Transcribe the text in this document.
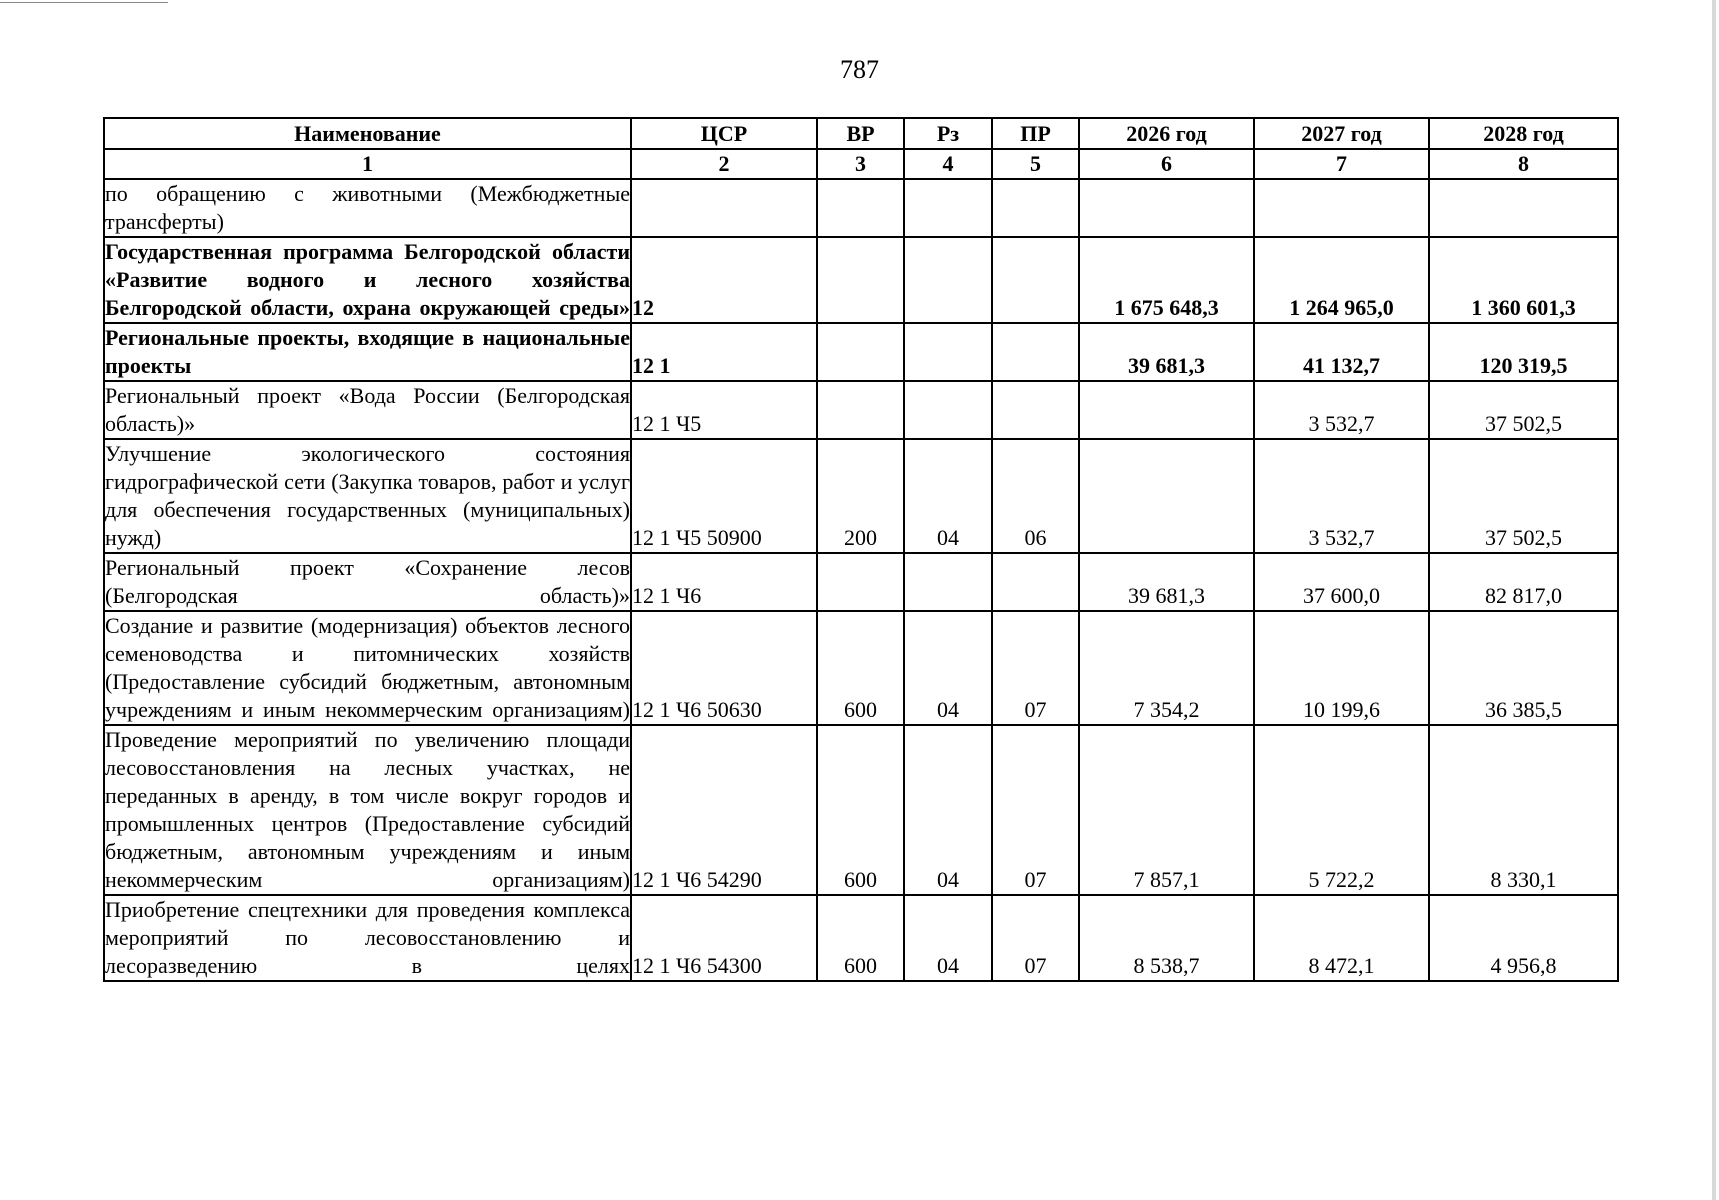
787
Наименование	ЦСР	ВР	Рз	ПР	2026 год	2027 год	2028 год
1	2	3	4	5	6	7	8
по обращению с животными (Межбюджетные трансферты)							
Государственная программа Белгородской области «Развитие водного и лесного хозяйства Белгородской области, охрана окружающей среды»	12				1 675 648,3	1 264 965,0	1 360 601,3
Региональные проекты, входящие в национальные проекты	12 1				39 681,3	41 132,7	120 319,5
Региональный проект «Вода России (Белгородская область)»	12 1 Ч5					3 532,7	37 502,5
Улучшение экологического состояния гидрографической сети (Закупка товаров, работ и услуг для обеспечения государственных (муниципальных) нужд)	12 1 Ч5 50900	200	04	06		3 532,7	37 502,5
Региональный проект «Сохранение лесов (Белгородская область)»	12 1 Ч6				39 681,3	37 600,0	82 817,0
Создание и развитие (модернизация) объектов лесного семеноводства и питомнических хозяйств (Предоставление субсидий бюджетным, автономным учреждениям и иным некоммерческим организациям)	12 1 Ч6 50630	600	04	07	7 354,2	10 199,6	36 385,5
Проведение мероприятий по увеличению площади лесовосстановления на лесных участках, не переданных в аренду, в том числе вокруг городов и промышленных центров (Предоставление субсидий бюджетным, автономным учреждениям и иным некоммерческим организациям)	12 1 Ч6 54290	600	04	07	7 857,1	5 722,2	8 330,1
Приобретение спецтехники для проведения комплекса мероприятий по лесовосстановлению и лесоразведению в целях	12 1 Ч6 54300	600	04	07	8 538,7	8 472,1	4 956,8
